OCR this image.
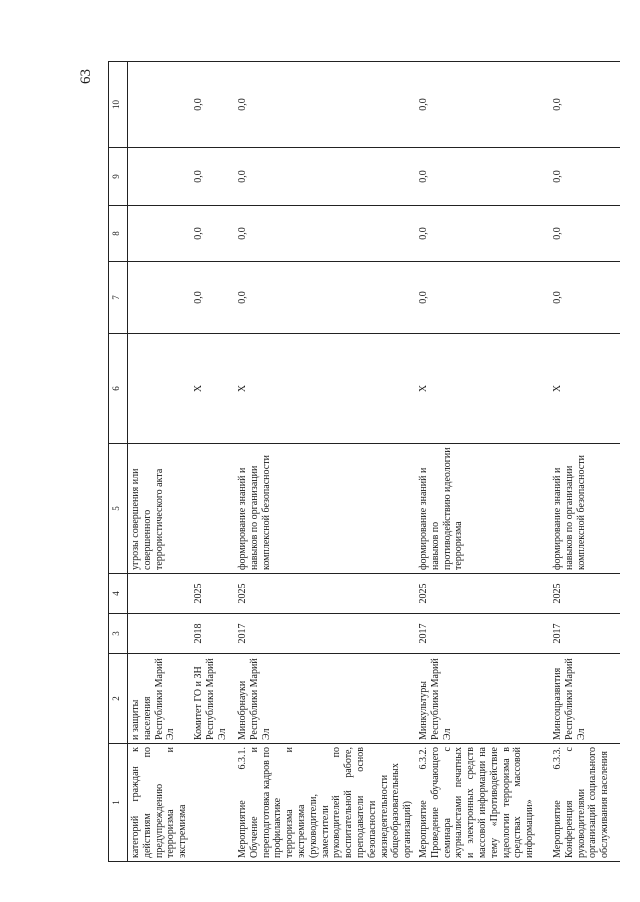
63
1	2	3	4	5	6	7	8	9	10
категорий граждан к действиям по предупреждению терроризма и экстремизма	и защиты населения Республики Марий Эл			угрозы совершения или совершенного террористического акта					
	Комитет ГО и ЗН Республики Марий Эл	2018	2025		X	0,0	0,0	0,0	0,0
Мероприятие 6.3.1. Обучение и переподготовка кадров по профилактике терроризма и экстремизма (руководители, заместители руководителей по воспитательной работе, преподаватели основ безопасности жизнедеятельности общеобразовательных организаций)	Минобрнауки Республики Марий Эл	2017	2025	формирование знаний и навыков по организации комплексной безопасности	X	0,0	0,0	0,0	0,0
Мероприятие 6.3.2. Проведение обучающего семинара с журналистами печатных и электронных средств массовой информации на тему «Противодействие идеологии терроризма в средствах массовой информации»	Минкультуры Республики Марий Эл	2017	2025	формирование знаний и навыков по противодействию идеологии терроризма	X	0,0	0,0	0,0	0,0
Мероприятие 6.3.3. Конференция с руководителями организаций социального обслуживания населения	Минсоцразвития Республики Марий Эл	2017	2025	формирование знаний и навыков по организации комплексной безопасности	X	0,0	0,0	0,0	0,0
